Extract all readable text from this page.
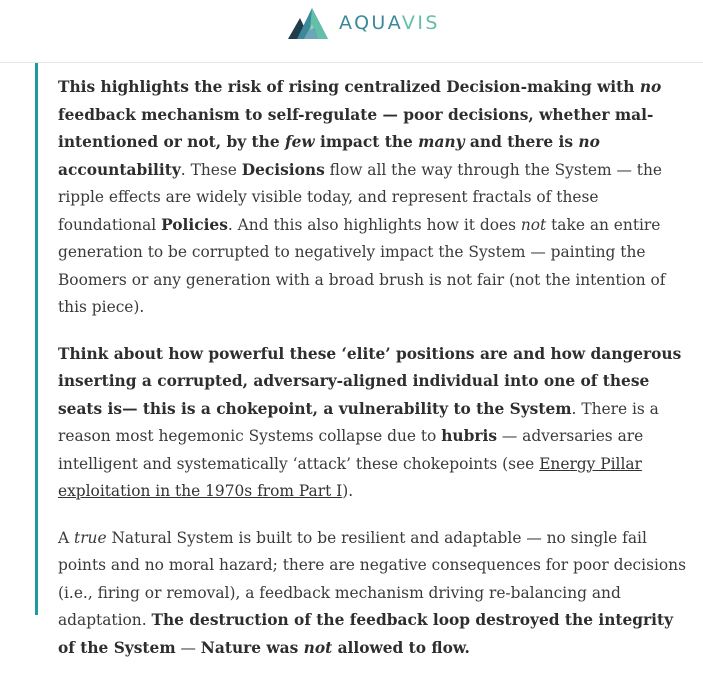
AQUAVIS

This highlights the risk of rising centralized Decision-making with no feedback mechanism to self-regulate — poor decisions, whether mal-intentioned or not, by the few impact the many and there is no accountability. These Decisions flow all the way through the System — the ripple effects are widely visible today, and represent fractals of these foundational Policies. And this also highlights how it does not take an entire generation to be corrupted to negatively impact the System — painting the Boomers or any generation with a broad brush is not fair (not the intention of this piece).

Think about how powerful these ‘elite’ positions are and how dangerous inserting a corrupted, adversary-aligned individual into one of these seats is— this is a chokepoint, a vulnerability to the System. There is a reason most hegemonic Systems collapse due to hubris — adversaries are intelligent and systematically ‘attack’ these chokepoints (see Energy Pillar exploitation in the 1970s from Part I).

A true Natural System is built to be resilient and adaptable — no single fail points and no moral hazard; there are negative consequences for poor decisions (i.e., firing or removal), a feedback mechanism driving re-balancing and adaptation. The destruction of the feedback loop destroyed the integrity of the System — Nature was not allowed to flow.
